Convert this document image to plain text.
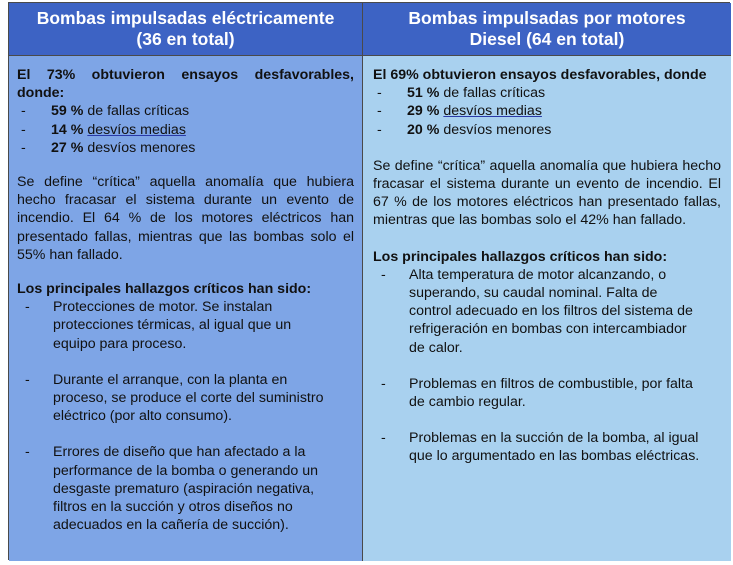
Bombas impulsadas eléctricamente
(36 en total)
Bombas impulsadas por motores
Diesel (64 en total)

El 73% obtuvieron ensayos desfavorables, donde:

-	59 % de fallas críticas
-	14 % desvíos medias
-	27 % desvíos menores

Se define “crítica” aquella anomalía que hubiera hecho fracasar el sistema durante un evento de incendio. El 64 % de los motores eléctricos han presentado fallas, mientras que las bombas solo el 55% han fallado.

Los principales hallazgos críticos han sido:

-	Protecciones de motor. Se instalan protecciones térmicas, al igual que un equipo para proceso.
-	Durante el arranque, con la planta en proceso, se produce el corte del suministro eléctrico (por alto consumo).
-	Errores de diseño que han afectado a la performance de la bomba o generando un desgaste prematuro (aspiración negativa, filtros en la succión y otros diseños no adecuados en la cañería de succión).

El 69% obtuvieron ensayos desfavorables, donde

-	51 % de fallas críticas
-	29 % desvíos medias
-	20 % desvíos menores

Se define “crítica” aquella anomalía que hubiera hecho fracasar el sistema durante un evento de incendio. El 67 % de los motores eléctricos han presentado fallas, mientras que las bombas solo el 42% han fallado.

Los principales hallazgos críticos han sido:

-	Alta temperatura de motor alcanzando, o superando, su caudal nominal. Falta de control adecuado en los filtros del sistema de refrigeración en bombas con intercambiador de calor.
-	Problemas en filtros de combustible, por falta de cambio regular.
-	Problemas en la succión de la bomba, al igual que lo argumentado en las bombas eléctricas.
